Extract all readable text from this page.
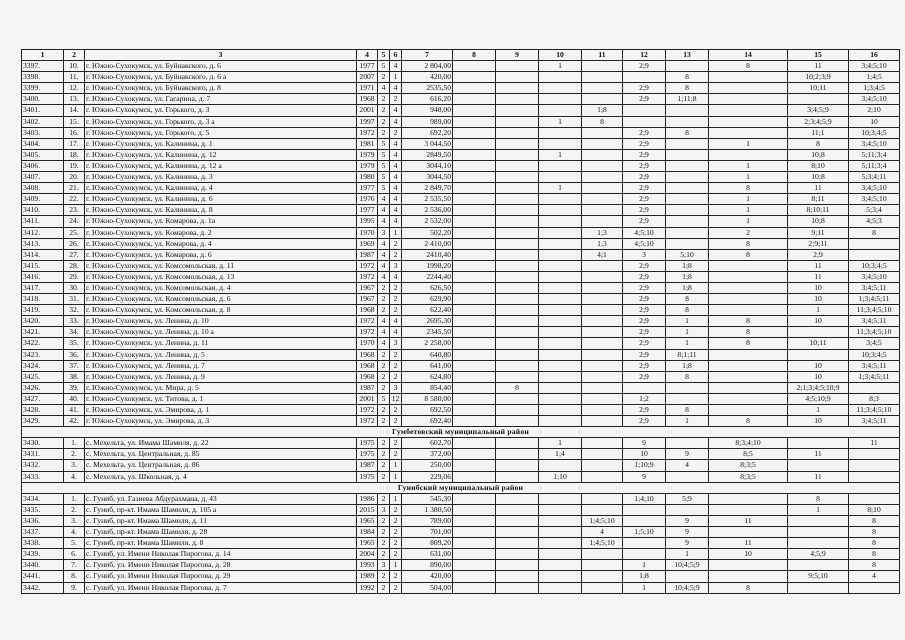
1	2	3	4	5	6	7	8	9	10	11	12	13	14	15	16
3397.	10.	г. Южно-Сухокумск, ул. Буйнакского, д. 6	1977	5	4	2 804,00			1		2;9		8	11	3;4;5;10
3398.	11.	г. Южно-Сухокумск, ул. Буйнакского, д. 6 а	2007	2	1	420,00						8		10;2;3;9	1;4;5
3399.	12.	г. Южно-Сухокумск, ул. Буйнакского, д. 8	1971	4	4	2535,50					2;9	8		10;11	1;3;4;5
3400.	13.	г. Южно-Сухокумск, ул. Гагарина, д. 7	1968	2	2	616,20					2;9	1;11;8			3;4;5;10
3401.	14.	г. Южно-Сухокумск, ул. Горького, д. 3	2001	2	4	948,00				1;8				3;4;5;9	2;10
3402.	15.	г. Южно-Сухокумск, ул. Горького, д. 3 а	1997	2	4	989,00			1	8				2;3;4;5;9	10
3403.	16.	г. Южно-Сухокумск, ул. Горького, д. 5	1972	2	2	692,20					2;9	8		11;1	10;3;4;5
3404.	17.	г. Южно-Сухокумск, ул. Калинина, д. 1	1981	5	4	3 044,50					2;9		1	8	3;4;5;10
3405.	18.	г. Южно-Сухокумск, ул. Калинина, д. 12	1979	5	4	2849,50			1		2;9			10;8	5;11;3;4
3406.	19.	г. Южно-Сухокумск, ул. Калинина, д. 12 а	1979	5	4	3044,10					2;9		1	8;10	5;11;3;4
3407.	20.	г. Южно-Сухокумск, ул. Калинина, д. 3	1980	5	4	3044,50					2;9		1	10;8	5;3;4;11
3408.	21.	г. Южно-Сухокумск, ул. Калинина, д. 4	1977	5	4	2 849,70			1		2;9		8	11	3;4;5;10
3409.	22.	г. Южно-Сухокумск, ул. Калинина, д. 6	1976	4	4	2 535,50					2;9		1	8;11	3;4;5;10
3410.	23.	г. Южно-Сухокумск, ул. Калинина, д. 8	1977	4	4	2 536,00					2;9		1	8;10;11	5;3;4
3411.	24.	г. Южно-Сухокумск, ул. Комарова, д. 1а	1995	4	4	2 532,00					2;9		1	10;8	4;5;3
3412.	25.	г. Южно-Сухокумск, ул. Комарова, д. 2	1970	3	1	502,20				1;3	4;5;10		2	9;11	8
3413.	26.	г. Южно-Сухокумск, ул. Комарова, д. 4	1969	4	2	2 410,00				1;3	4;5;10		8	2;9;11	
3414.	27.	г. Южно-Сухокумск, ул. Комарова, д. 6	1987	4	2	2410,40				4;1	3	5;10	8	2;9	
3415.	28.	г. Южно-Сухокумск, ул. Комсомольская, д. 11	1972	4	3	1998,20					2;9	1;8		11	10;3;4;5
3416.	29.	г. Южно-Сухокумск, ул. Комсомольская, д. 13	1972	4	4	2244,40					2;9	1;8		11	3;4;5;10
3417.	30.	г. Южно-Сухокумск, ул. Комсомольская, д. 4	1967	2	2	626,50					2;9	1;8		10	3;4;5;11
3418.	31.	г. Южно-Сухокумск, ул. Комсомольская, д. 6	1967	2	2	629,90					2;9	8		10	1;3;4;5;11
3419.	32.	г. Южно-Сухокумск, ул. Комсомольская, д. 8	1968	2	2	622,40					2;9	8		1	11;3;4;5;10
3420.	33.	г. Южно-Сухокумск, ул. Ленина, д. 10	1972	4	4	2695,30					2;9	1	8	10	3;4;5;11
3421.	34.	г. Южно-Сухокумск, ул. Ленина, д. 10 а	1972	4	4	2345,50					2;9	1	8		11;3;4;5;10
3422.	35.	г. Южно-Сухокумск, ул. Ленина, д. 11	1970	4	3	2 258,00					2;9	1	8	10;11	3;4;5
3423.	36.	г. Южно-Сухокумск, ул. Ленина, д. 5	1968	2	2	640,80					2;9	8;1;11			10;3;4;5
3424.	37.	г. Южно-Сухокумск, ул. Ленина, д. 7	1968	2	2	641,00					2;9	1;8		10	3;4;5;11
3425.	38.	г. Южно-Сухокумск, ул. Ленина, д. 9	1968	2	2	624,80					2;9	8		10	1;3;4;5;11
3426.	39.	г. Южно-Сухокумск, ул. Мира, д. 5	1987	2	3	854,40		8						2;1;3;4;5;10;9	
3427.	40.	г. Южно-Сухокумск, ул. Титова, д. 1	2001	5	12	8 580,00					1;2			4;5;10;9	8;3
3428.	41.	г. Южно-Сухокумск, ул. Эмирова, д. 1	1972	2	2	692,50					2;9	8		1	11;3;4;5;10
3429.	42.	г. Южно-Сухокумск, ул. Эмирова, д. 3	1972	2	2	692,40					2;9	1	8	10	3;4;5;11
Гумбетовский муниципальный район															
3430.	1.	с. Мехельта, ул. Имама Шамиля, д. 22	1975	2	2	602,70			1		9		8;3;4;10		11
3431.	2.	с. Мехельта, ул. Центральная, д. 85	1975	2	2	372,00			1;4		10	9	8;5	11	
3432.	3.	с. Мехельта, ул. Центральная, д. 86	1987	2	1	250,00					1;10;9	4	8;3;5		
3433.	4.	с. Мехельта, ул. Школьная, д. 4	1975	2	1	229,06			1;10		9		8;3;5	11	
Гунибский муниципальный район															
3434.	1.	с. Гуниб, ул. Газиева Абдурахмана, д. 43	1986	2	1	545,30					1;4;10	5;9		8	
3435.	2.	с. Гуниб, пр-кт. Имама Шамиля, д. 105 а	2015	3	2	1 380,50								1	8;10
3436.	3.	с. Гуниб, пр-кт. Имама Шамиля, д. 11	1965	2	2	789,00				1;4;5;10		9	11		8
3437.	4.	с. Гуниб, пр-кт. Имама Шамиля, д. 28	1984	2	2	701,00				4	1;5;10	9			8
3438.	5.	с. Гуниб, пр-кт. Имама Шамиля, д. 8	1965	2	2	809,20				1;4;5;10		9	11		8
3439.	6.	с. Гуниб, ул. Имени Николая Пирогова, д. 14	2004	2	2	631,00						1	10	4;5;9	8
3440.	7.	с. Гуниб, ул. Имени Николая Пирогова, д. 28	1993	3	1	890,00					1	10;4;5;9			8
3441.	8.	с. Гуниб, ул. Имени Николая Пирогова, д. 29	1989	2	2	420,00					1;8			9;5;10	4
3442.	9.	с. Гуниб, ул. Имени Николая Пирогова, д. 7	1992	2	2	504,00					1	10;4;5;9	8		
